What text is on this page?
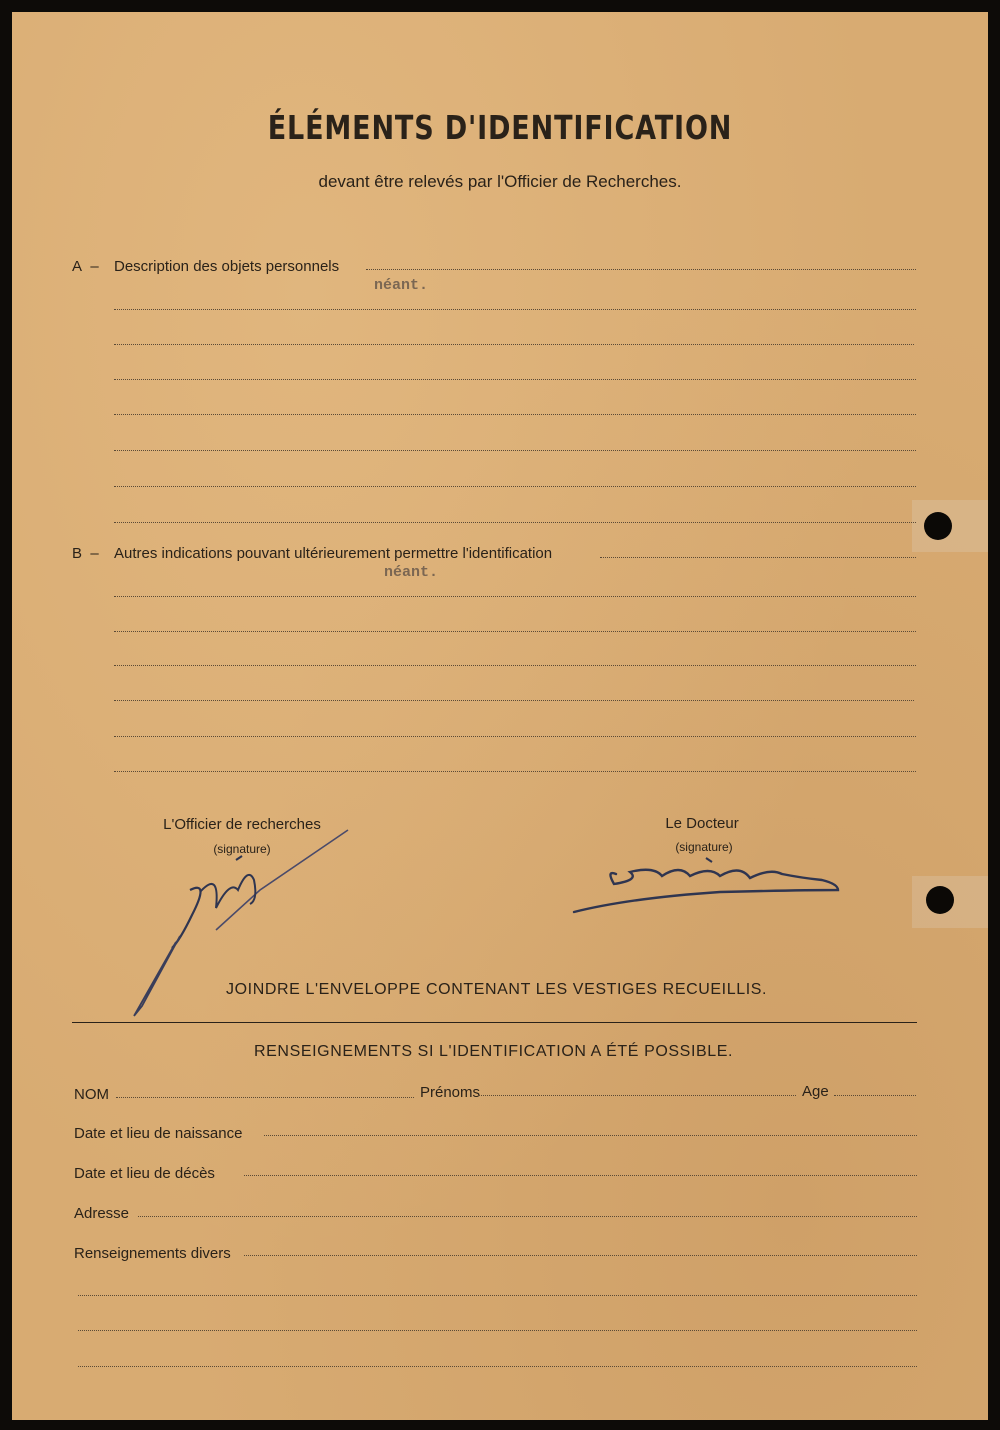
ÉLÉMENTS D'IDENTIFICATION
devant être relevés par l'Officier de Recherches.
A  – Description des objets personnels
néant.
B  – Autres indications pouvant ultérieurement permettre l'identification
néant.
L'Officier de recherches
(signature)
Le Docteur
(signature)
JOINDRE L'ENVELOPPE CONTENANT LES VESTIGES RECUEILLIS.
RENSEIGNEMENTS SI L'IDENTIFICATION A ÉTÉ POSSIBLE.
NOM	Prénoms	Age
Date et lieu de naissance
Date et lieu de décès
Adresse
Renseignements divers
